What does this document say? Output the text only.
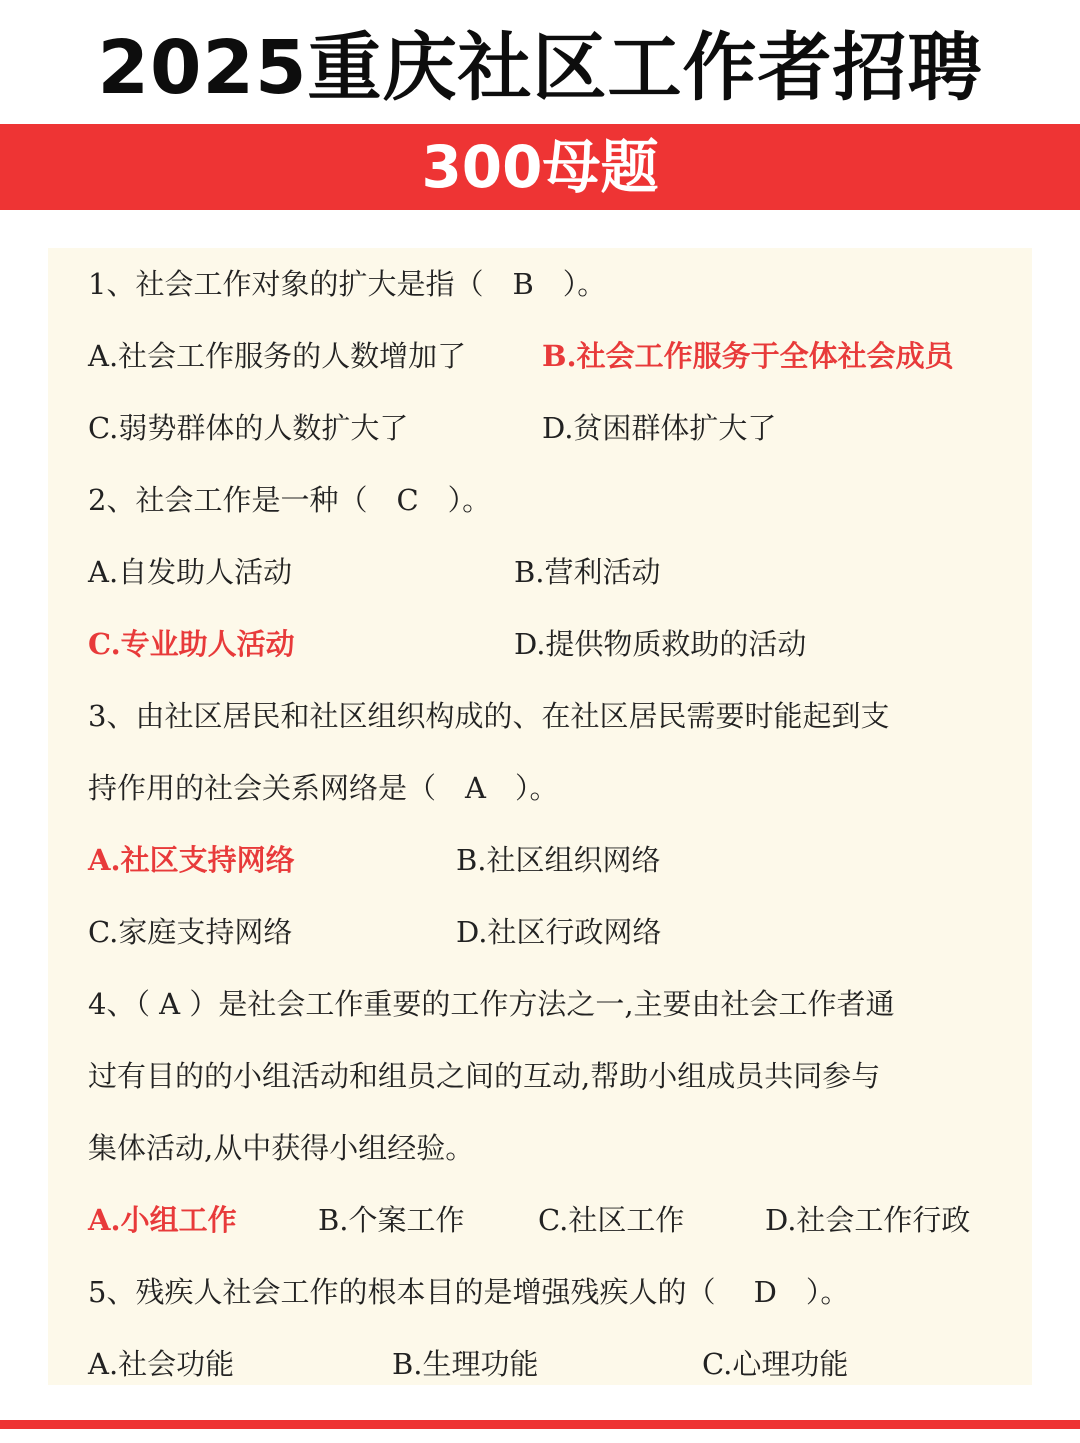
2025重庆社区工作者招聘
300母题
1、社会工作对象的扩大是指（　B　）。
A.社会工作服务的人数增加了	B.社会工作服务于全体社会成员
C.弱势群体的人数扩大了	D.贫困群体扩大了
2、社会工作是一种（　C　）。
A.自发助人活动	B.营利活动
C.专业助人活动	D.提供物质救助的活动
3、由社区居民和社区组织构成的、在社区居民需要时能起到支
持作用的社会关系网络是（　A　）。
A.社区支持网络	B.社区组织网络
C.家庭支持网络	D.社区行政网络
4、（ A ）是社会工作重要的工作方法之一,主要由社会工作者通
过有目的的小组活动和组员之间的互动,帮助小组成员共同参与
集体活动,从中获得小组经验。
A.小组工作	B.个案工作	C.社区工作	D.社会工作行政
5、残疾人社会工作的根本目的是增强残疾人的（　 D　）。
A.社会功能	B.生理功能	C.心理功能
